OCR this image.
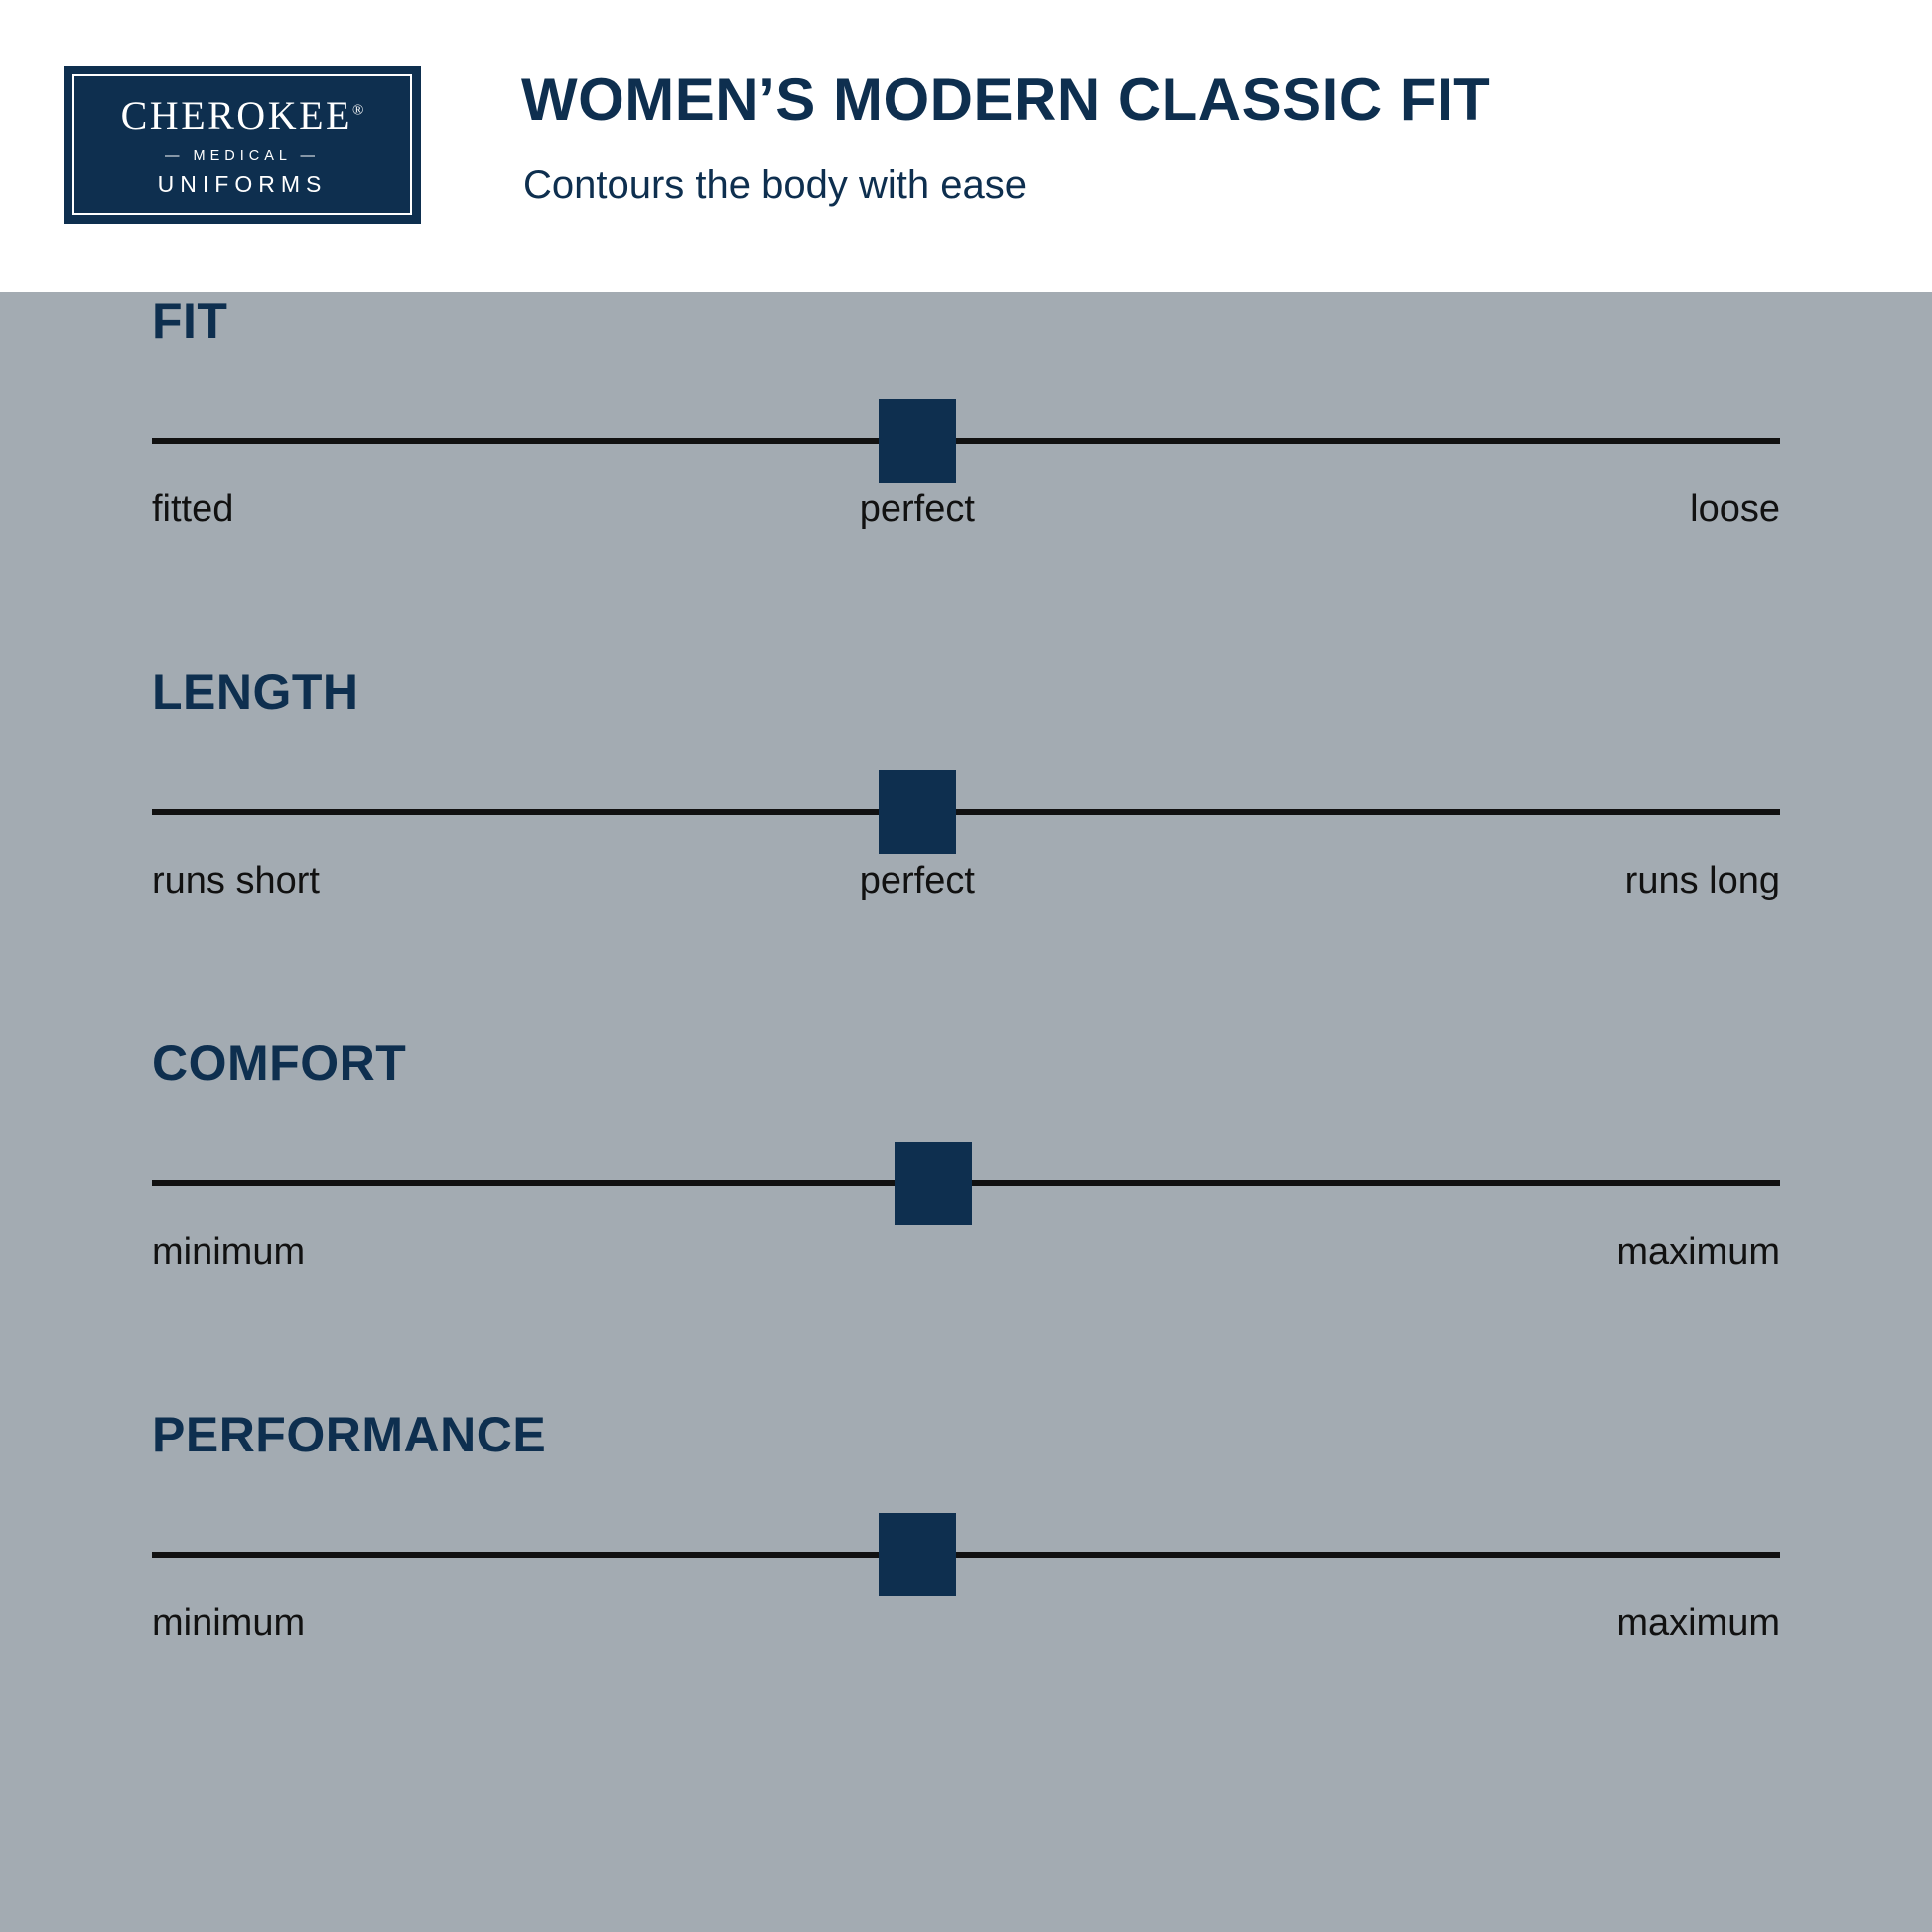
CHEROKEE®
— MEDICAL —
UNIFORMS
WOMEN’S MODERN CLASSIC FIT
Contours the body with ease
FIT
fitted	perfect	loose
LENGTH
runs short	perfect	runs long
COMFORT
minimum	maximum
PERFORMANCE
minimum	maximum
